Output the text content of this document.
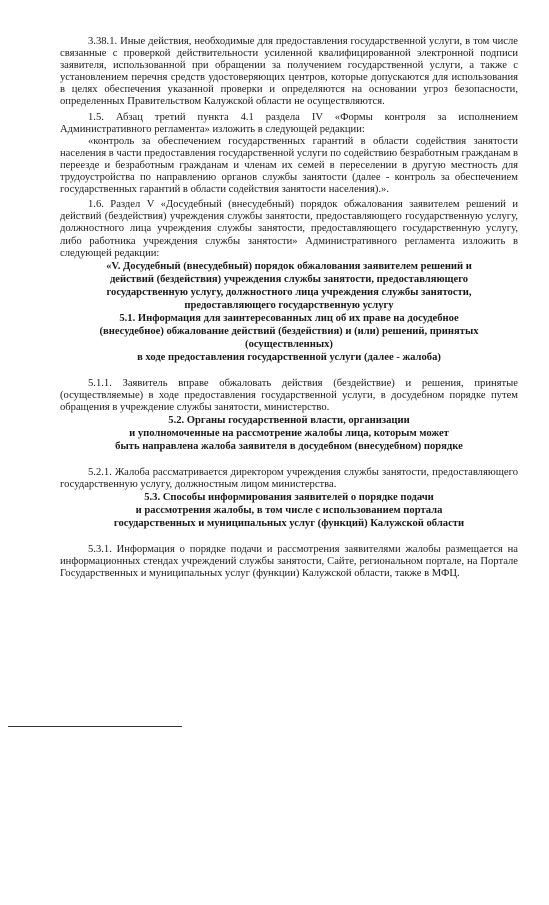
3.38.1. Иные действия, необходимые для предоставления государственной услуги, в том числе связанные с проверкой действительности усиленной квалифицированной электронной подписи заявителя, использованной при обращении за получением государственной услуги, а также с установлением перечня средств удостоверяющих центров, которые допускаются для использования в целях обеспечения указанной проверки и определяются на основании угроз безопасности, определенных Правительством Калужской области не осуществляются.

1.5. Абзац третий пункта 4.1 раздела IV «Формы контроля за исполнением Административного регламента» изложить в следующей редакции:

«контроль за обеспечением государственных гарантий в области содействия занятости населения в части предоставления государственной услуги по содействию безработным гражданам в переезде и безработным гражданам и членам их семей в переселении в другую местность для трудоустройства по направлению органов службы занятости (далее - контроль за обеспечением государственных гарантий в области содействия занятости населения).».

1.6. Раздел V «Досудебный (внесудебный) порядок обжалования заявителем решений и действий (бездействия) учреждения службы занятости, предоставляющего государственную услугу, должностного лица учреждения службы занятости, предоставляющего государственную услугу, либо работника учреждения службы занятости» Административного регламента изложить в следующей редакции:

«V. Досудебный (внесудебный) порядок обжалования заявителем решений и
действий (бездействия) учреждения службы занятости, предоставляющего
государственную услугу, должностного лица учреждения службы занятости,
предоставляющего государственную услугу
5.1. Информация для заинтересованных лиц об их праве на досудебное
(внесудебное) обжалование действий (бездействия) и (или) решений, принятых
(осуществленных)
в ходе предоставления государственной услуги (далее - жалоба)

5.1.1. Заявитель вправе обжаловать действия (бездействие) и решения, принятые (осуществляемые) в ходе предоставления государственной услуги, в досудебном порядке путем обращения в учреждение службы занятости, министерство.

5.2. Органы государственной власти, организации
и уполномоченные на рассмотрение жалобы лица, которым может
быть направлена жалоба заявителя в досудебном (внесудебном) порядке

5.2.1. Жалоба рассматривается директором учреждения службы занятости, предоставляющего государственную услугу, должностным лицом министерства.

5.3. Способы информирования заявителей о порядке подачи
и рассмотрения жалобы, в том числе с использованием портала
государственных и муниципальных услуг (функций) Калужской области

5.3.1. Информация о порядке подачи и рассмотрения заявителями жалобы размещается на информационных стендах учреждений службы занятости, Сайте, региональном портале, на Портале Государственных и муниципальных услуг (функции) Калужской области, также в МФЦ.
